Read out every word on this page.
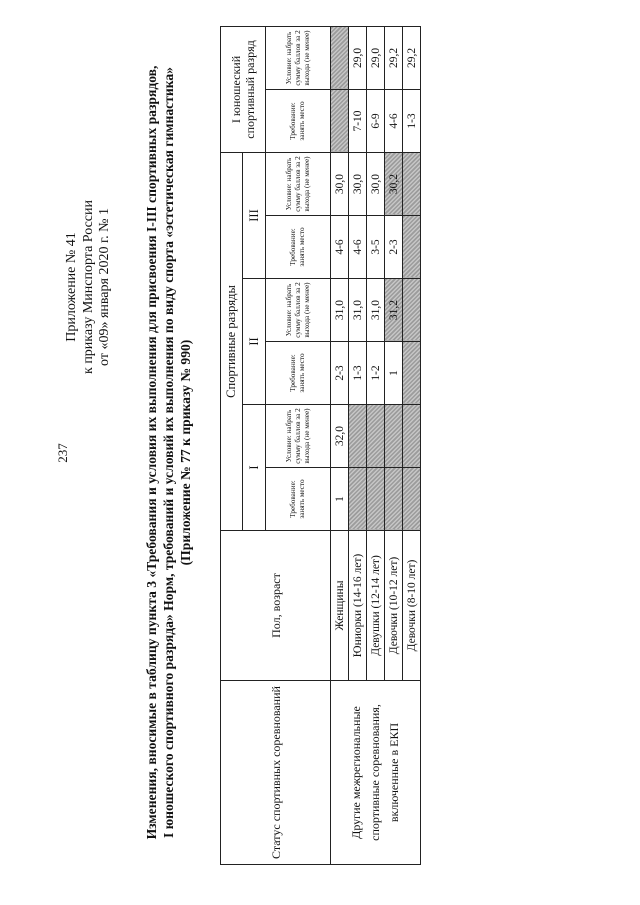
237
Приложение № 41 к приказу Минспорта России от «09» января 2020 г. № 1 Изменения, вносимые в таблицу пункта 3 «Требования и условия их выполнения для присвоения I-III спортивных разрядов, I юношеского спортивного разряда» Норм, требований и условий их выполнения по виду спорта «эстетическая гимнастика» (Приложение № 77 к приказу № 990)
Статус спортивных соревнований	Пол, возраст	Спортивные разряды						I юношеский спортивный разряд	
		I		II		III			
		Требование: занять место	Условие: набрать сумму баллов за 2 выхода (не менее)	Требование: занять место	Условие: набрать сумму баллов за 2 выхода (не менее)	Требование: занять место	Условие: набрать сумму баллов за 2 выхода (не менее)	Требование: занять место	Условие: набрать сумму баллов за 2 выхода (не менее)
Другие межрегиональные спортивные соревнования, включенные в ЕКП	Женщины	1	32,0	2-3	31,0	4-6	30,0		
	Юниорки (14-16 лет)			1-3	31,0	4-6	30,0	7-10	29,0
	Девушки (12-14 лет)			1-2	31,0	3-5	30,0	6-9	29,0
	Девочки (10-12 лет)			1	31,2	2-3	30,2	4-6	29,2
	Девочки (8-10 лет)							1-3	29,2
